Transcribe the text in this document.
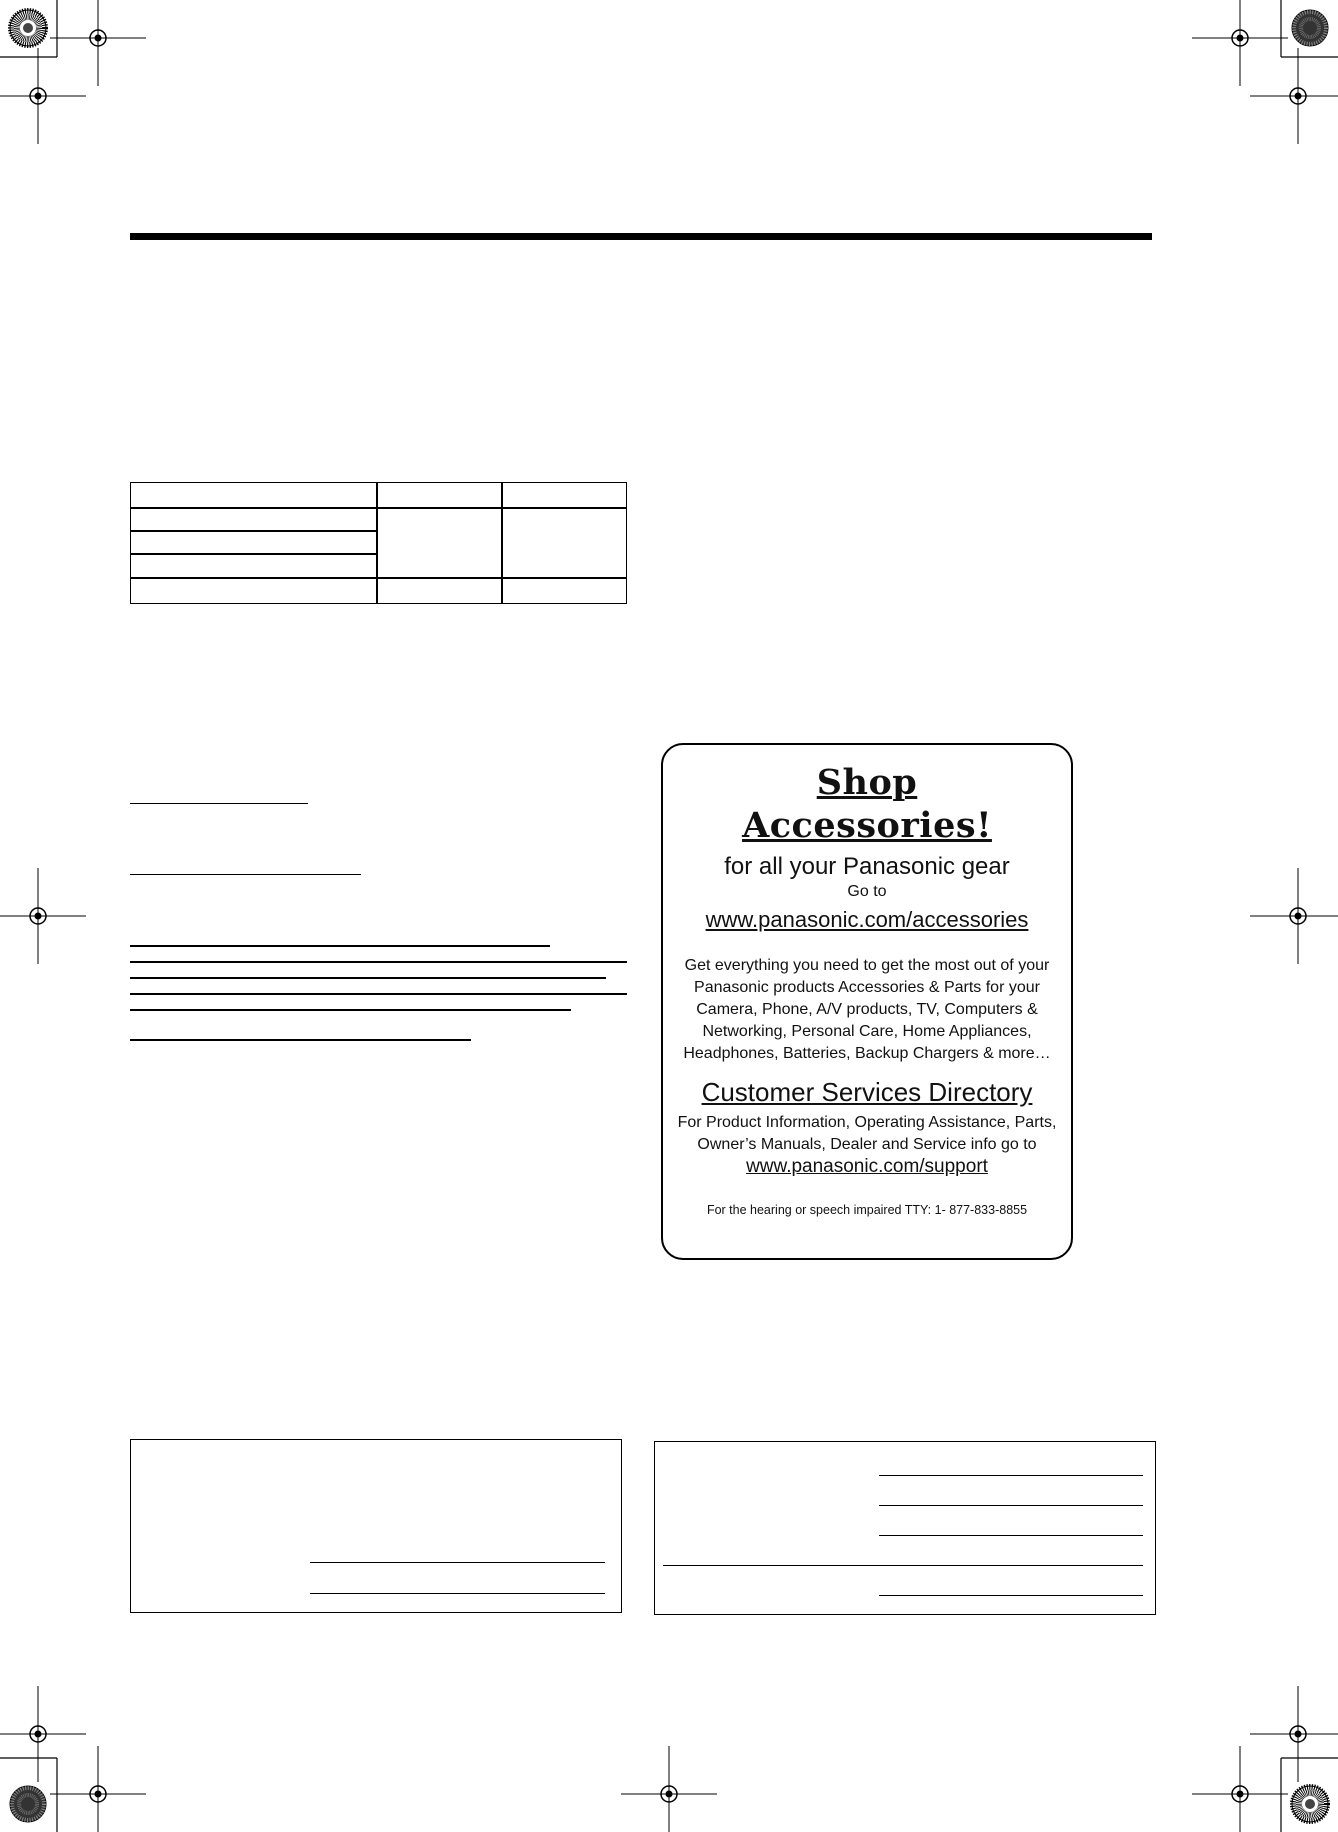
Shop
Accessories!
for all your Panasonic gear
Go to
www.panasonic.com/accessories
Get everything you need to get the most out of your Panasonic products Accessories & Parts for your Camera, Phone, A/V products, TV, Computers & Networking, Personal Care, Home Appliances, Headphones, Batteries, Backup Chargers & more…
Customer Services Directory
For Product Information, Operating Assistance, Parts, Owner’s Manuals, Dealer and Service info go to www.panasonic.com/support
For the hearing or speech impaired TTY: 1- 877-833-8855
